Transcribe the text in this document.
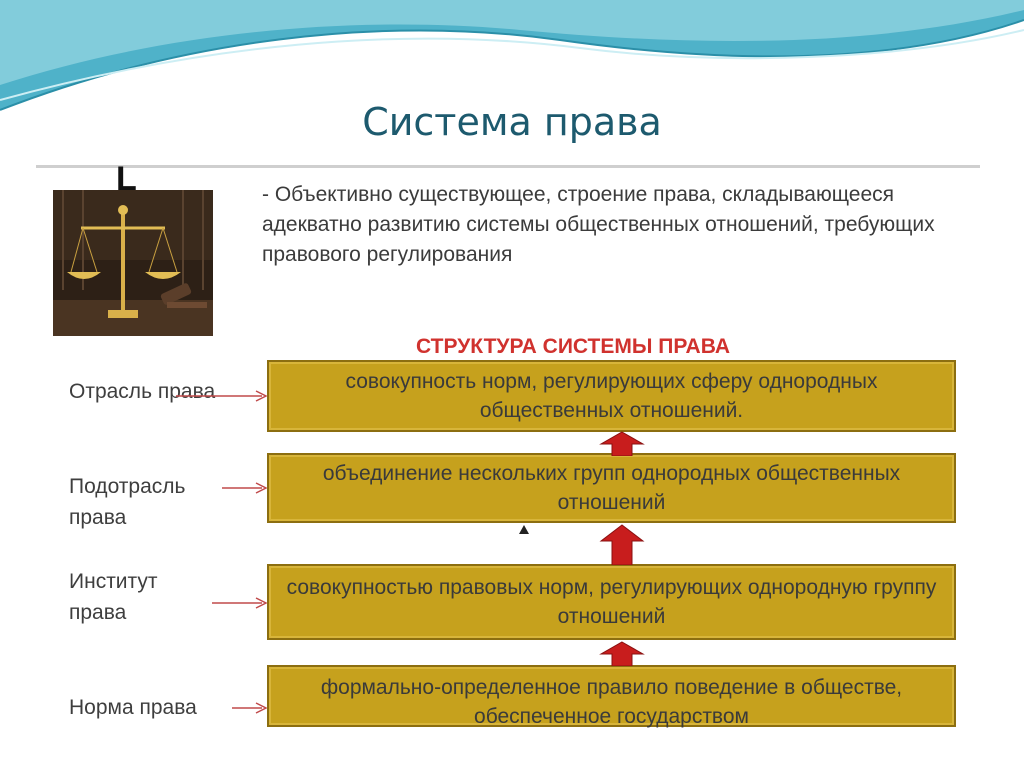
Система права
L	- Объективно существующее, строение права, складывающееся адекватно развитию системы общественных отношений, требующих правового регулирования
СТРУКТУРА СИСТЕМЫ ПРАВА
Отрасль права
Подотрасль права
Институт права
Норма права
совокупность норм, регулирующих сферу однородных общественных отношений.
объединение нескольких групп однородных общественных отношений
совокупностью правовых норм, регулирующих однородную группу отношений
формально-определенное правило поведение в обществе, обеспеченное государством
